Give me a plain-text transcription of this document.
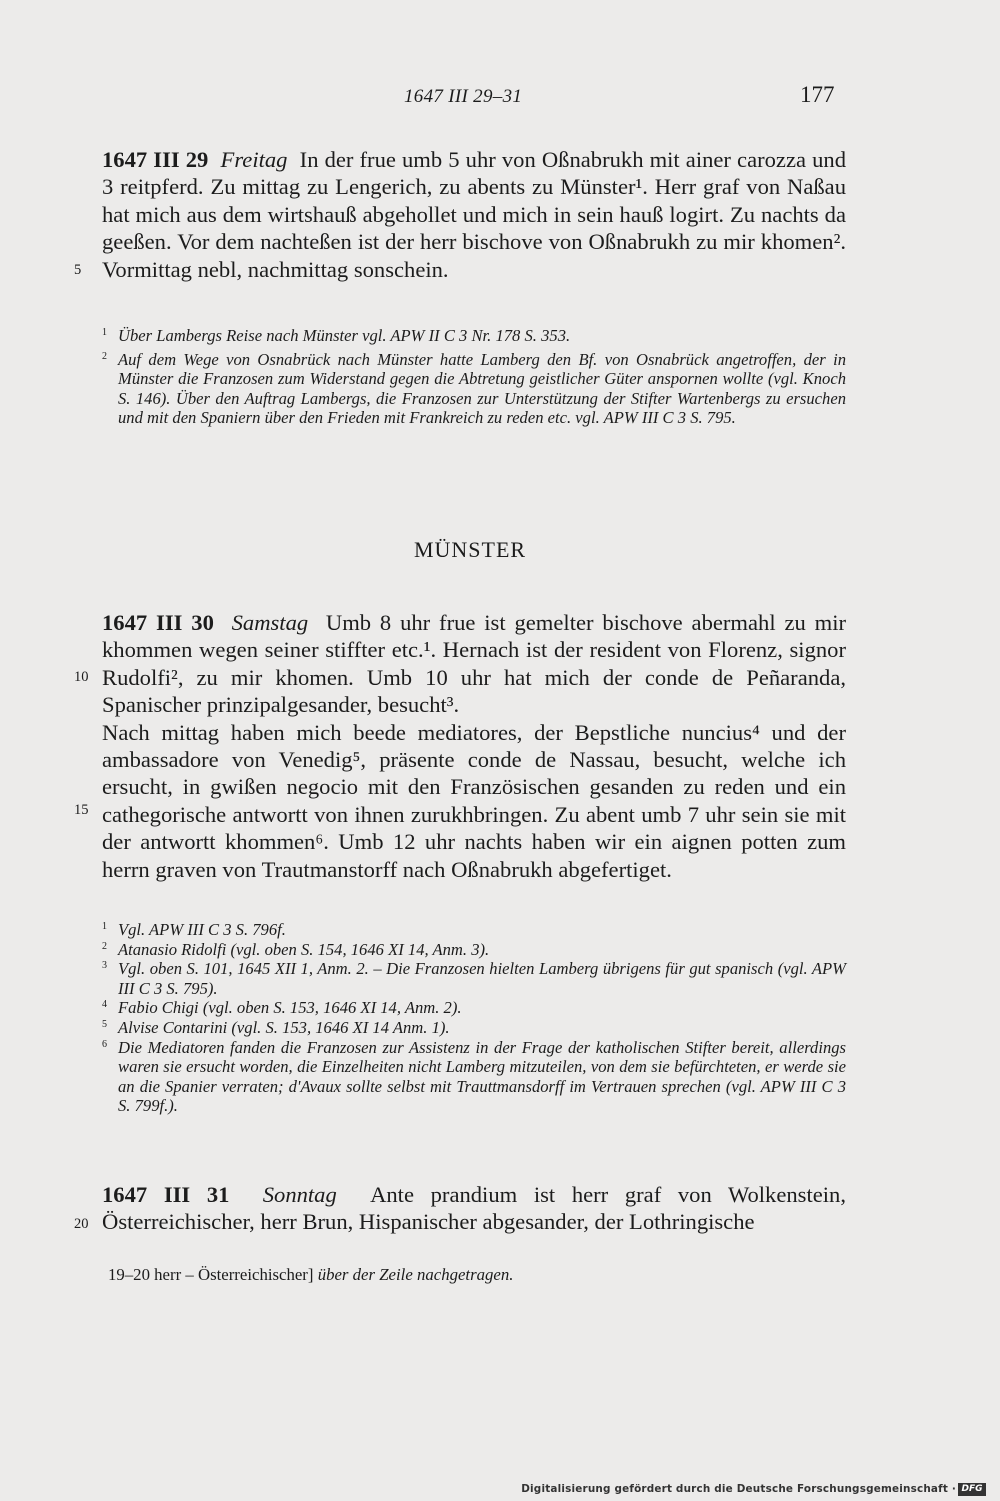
1647 III 29–31	177

1647 III 29 Freitag In der frue umb 5 uhr von Oßnabrukh mit ainer carozza und 3 reitpferd. Zu mittag zu Lengerich, zu abents zu Münster¹. Herr graf von Naßau hat mich aus dem wirtshauß abgehollet und mich in sein hauß logirt. Zu nachts da geeßen. Vor dem nachteßen ist der herr bischove von Oßnabrukh zu mir khomen². Vormittag nebl, nachmittag sonschein.

1 Über Lambergs Reise nach Münster vgl. APW II C 3 Nr. 178 S. 353.
2 Auf dem Wege von Osnabrück nach Münster hatte Lamberg den Bf. von Osnabrück angetroffen, der in Münster die Franzosen zum Widerstand gegen die Abtretung geistlicher Güter anspornen wollte (vgl. Knoch S. 146). Über den Auftrag Lambergs, die Franzosen zur Unterstützung der Stifter Wartenbergs zu ersuchen und mit den Spaniern über den Frieden mit Frankreich zu reden etc. vgl. APW III C 3 S. 795.
MÜNSTER

1647 III 30 Samstag Umb 8 uhr frue ist gemelter bischove abermahl zu mir khommen wegen seiner stiffter etc.¹. Hernach ist der resident von Florenz, signor Rudolfi², zu mir khomen. Umb 10 uhr hat mich der conde de Peñaranda, Spanischer prinzipalgesander, besucht³.

Nach mittag haben mich beede mediatores, der Bepstliche nuncius⁴ und der ambassadore von Venedig⁵, präsente conde de Nassau, besucht, welche ich ersucht, in gwißen negocio mit den Französischen gesanden zu reden und ein cathegorische antwortt von ihnen zurukhbringen. Zu abent umb 7 uhr sein sie mit der antwortt khommen⁶. Umb 12 uhr nachts haben wir ein aignen potten zum herrn graven von Trautmanstorff nach Oßnabrukh abgefertiget.

1 Vgl. APW III C 3 S. 796f.
2 Atanasio Ridolfi (vgl. oben S. 154, 1646 XI 14, Anm. 3).
3 Vgl. oben S. 101, 1645 XII 1, Anm. 2. – Die Franzosen hielten Lamberg übrigens für gut spanisch (vgl. APW III C 3 S. 795).
4 Fabio Chigi (vgl. oben S. 153, 1646 XI 14, Anm. 2).
5 Alvise Contarini (vgl. S. 153, 1646 XI 14 Anm. 1).
6 Die Mediatoren fanden die Franzosen zur Assistenz in der Frage der katholischen Stifter bereit, allerdings waren sie ersucht worden, die Einzelheiten nicht Lamberg mitzuteilen, von dem sie befürchteten, er werde sie an die Spanier verraten; d'Avaux sollte selbst mit Trauttmansdorff im Vertrauen sprechen (vgl. APW III C 3 S. 799f.).

1647 III 31 Sonntag Ante prandium ist herr graf von Wolkenstein, Österreichischer, herr Brun, Hispanischer abgesander, der Lothringische

5
10
15
20
19–20 herr – Österreichischer] über der Zeile nachgetragen.
Digitalisierung gefördert durch die Deutsche Forschungsgemeinschaft · DFG
